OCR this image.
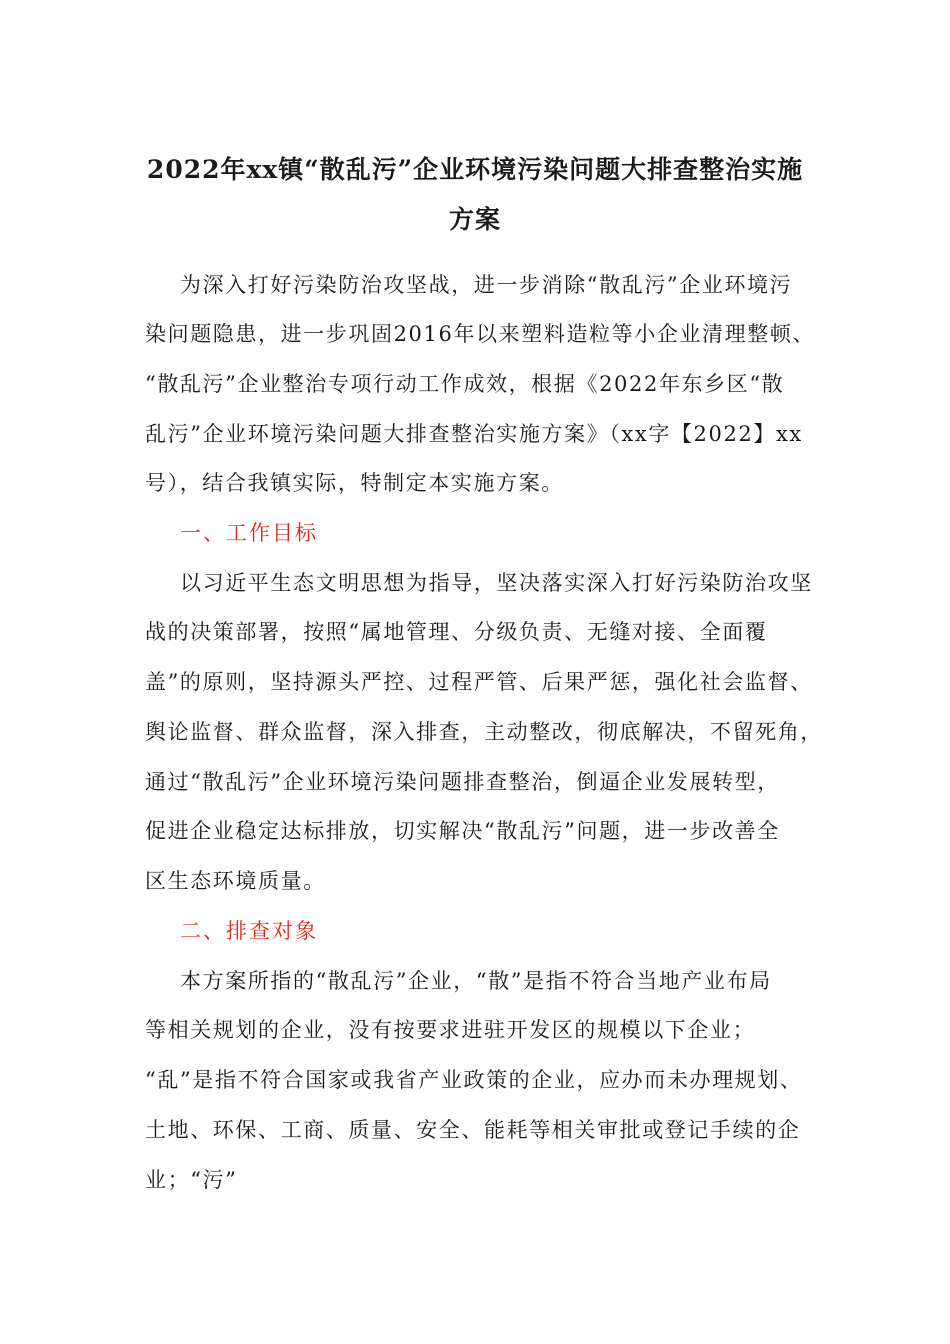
2022年xx镇“散乱污”企业环境污染问题大排查整治实施
方案
为深入打好污染防治攻坚战，进一步消除“散乱污”企业环境污
染问题隐患，进一步巩固2016年以来塑料造粒等小企业清理整顿、
“散乱污”企业整治专项行动工作成效，根据《2022年东乡区“散
乱污”企业环境污染问题大排查整治实施方案》（xx字【2022】xx
号），结合我镇实际，特制定本实施方案。
一、工作目标
以习近平生态文明思想为指导，坚决落实深入打好污染防治攻坚
战的决策部署，按照“属地管理、分级负责、无缝对接、全面覆
盖”的原则，坚持源头严控、过程严管、后果严惩，强化社会监督、
舆论监督、群众监督，深入排查，主动整改，彻底解决，不留死角，
通过“散乱污”企业环境污染问题排查整治，倒逼企业发展转型，
促进企业稳定达标排放，切实解决“散乱污”问题，进一步改善全
区生态环境质量。
二、排查对象
本方案所指的“散乱污”企业，“散”是指不符合当地产业布局
等相关规划的企业，没有按要求进驻开发区的规模以下企业；
“乱”是指不符合国家或我省产业政策的企业，应办而未办理规划、
土地、环保、工商、质量、安全、能耗等相关审批或登记手续的企
业；“污”
